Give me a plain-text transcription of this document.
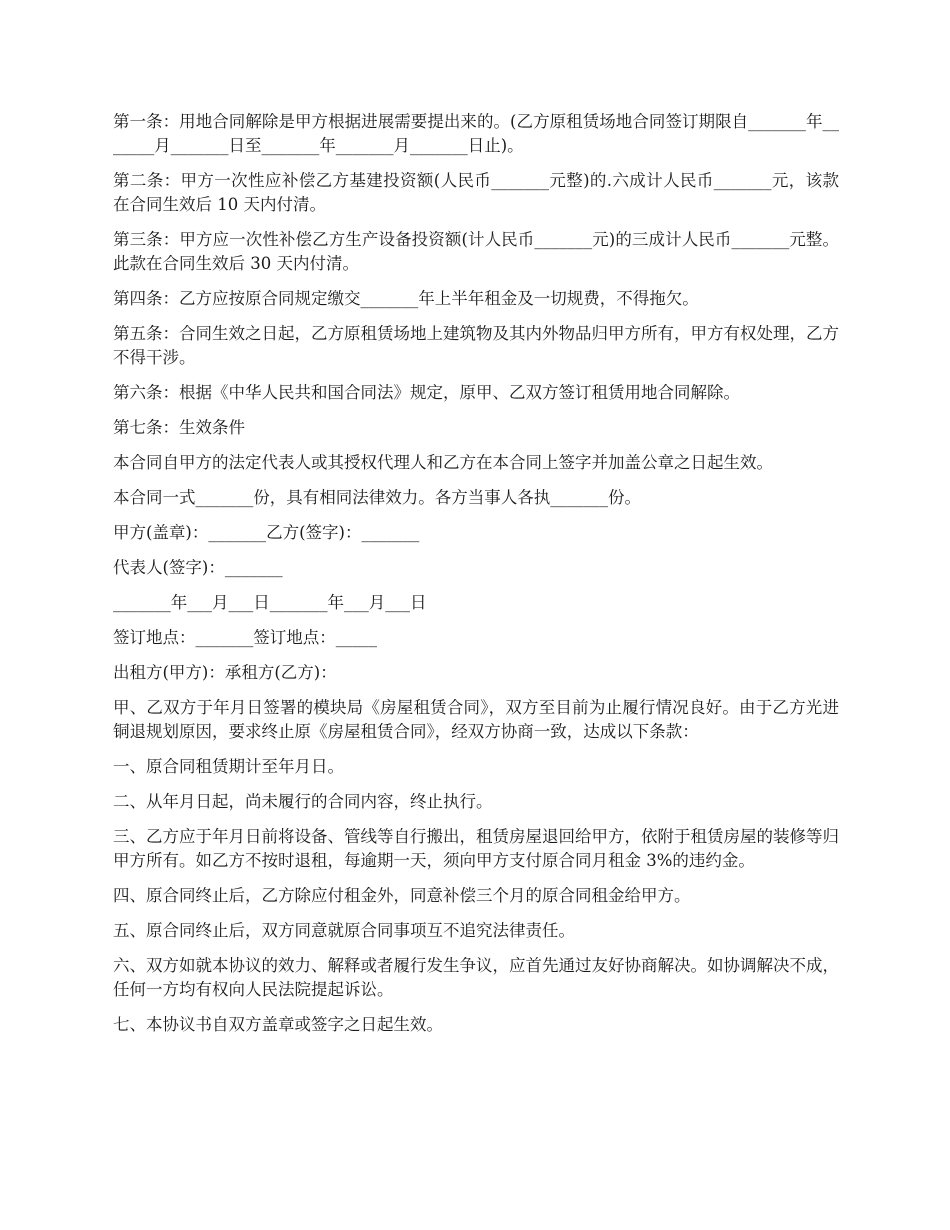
第一条：用地合同解除是甲方根据进展需要提出来的。(乙方原租赁场地合同签订期限自_______年_______月_______日至_______年_______月_______日止)。

第二条：甲方一次性应补偿乙方基建投资额(人民币_______元整)的.六成计人民币_______元，该款在合同生效后 10 天内付清。

第三条：甲方应一次性补偿乙方生产设备投资额(计人民币_______元)的三成计人民币_______元整。此款在合同生效后 30 天内付清。

第四条：乙方应按原合同规定缴交_______年上半年租金及一切规费，不得拖欠。

第五条：合同生效之日起，乙方原租赁场地上建筑物及其内外物品归甲方所有，甲方有权处理，乙方不得干涉。

第六条：根据《中华人民共和国合同法》规定，原甲、乙双方签订租赁用地合同解除。

第七条：生效条件

本合同自甲方的法定代表人或其授权代理人和乙方在本合同上签字并加盖公章之日起生效。

本合同一式_______份，具有相同法律效力。各方当事人各执_______份。

甲方(盖章)：_______乙方(签字)：_______

代表人(签字)：_______

_______年___月___日_______年___月___日

签订地点：_______签订地点：_____

出租方(甲方)：承租方(乙方)：

甲、乙双方于年月日签署的模块局《房屋租赁合同》，双方至目前为止履行情况良好。由于乙方光进铜退规划原因，要求终止原《房屋租赁合同》，经双方协商一致，达成以下条款：

一、原合同租赁期计至年月日。

二、从年月日起，尚未履行的合同内容，终止执行。

三、乙方应于年月日前将设备、管线等自行搬出，租赁房屋退回给甲方，依附于租赁房屋的装修等归甲方所有。如乙方不按时退租，每逾期一天，须向甲方支付原合同月租金 3%的违约金。

四、原合同终止后，乙方除应付租金外，同意补偿三个月的原合同租金给甲方。

五、原合同终止后，双方同意就原合同事项互不追究法律责任。

六、双方如就本协议的效力、解释或者履行发生争议，应首先通过友好协商解决。如协调解决不成，任何一方均有权向人民法院提起诉讼。

七、本协议书自双方盖章或签字之日起生效。
